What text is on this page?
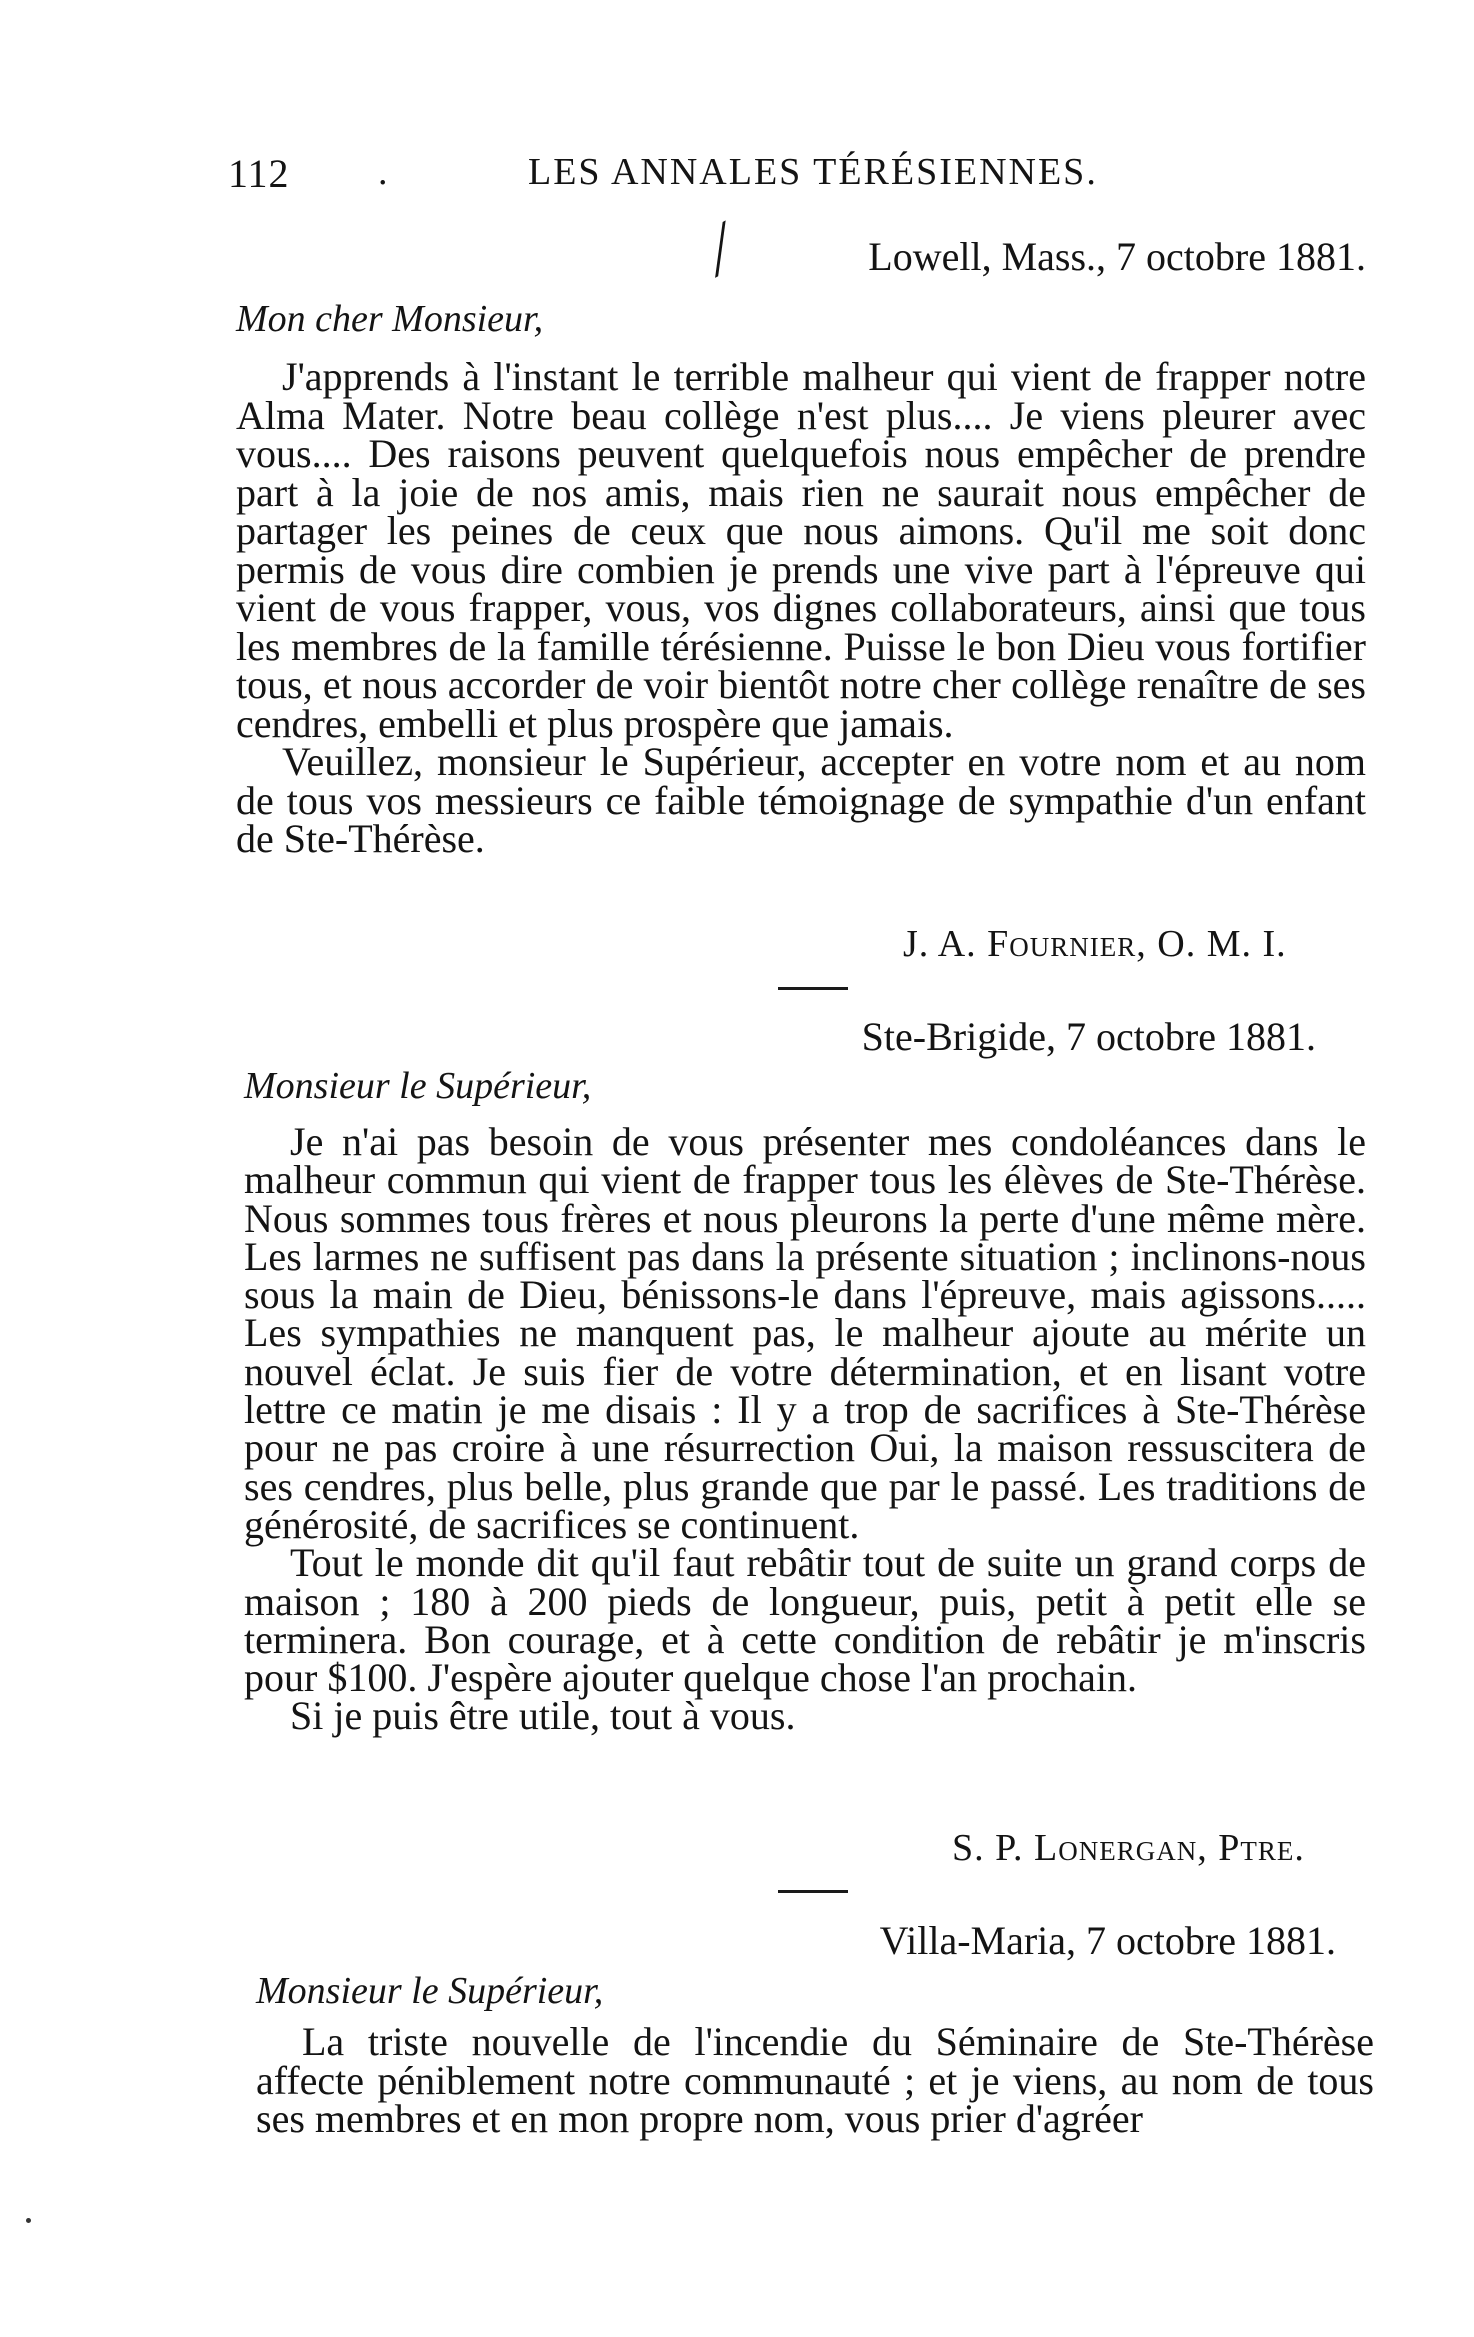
112 .	LES ANNALES TÉRÉSIENNES.
∕	Lowell, Mass., 7 octobre 1881.
Mon cher Monsieur,

J'apprends à l'instant le terrible malheur qui vient de frapper notre Alma Mater. Notre beau collège n'est plus.... Je viens pleurer avec vous.... Des raisons peuvent quelquefois nous empêcher de prendre part à la joie de nos amis, mais rien ne saurait nous empêcher de partager les peines de ceux que nous aimons. Qu'il me soit donc permis de vous dire combien je prends une vive part à l'épreuve qui vient de vous frapper, vous, vos dignes collaborateurs, ainsi que tous les membres de la famille térésienne. Puisse le bon Dieu vous fortifier tous, et nous accorder de voir bientôt notre cher collège renaître de ses cendres, embelli et plus prospère que jamais.

Veuillez, monsieur le Supérieur, accepter en votre nom et au nom de tous vos messieurs ce faible témoignage de sympathie d'un enfant de Ste-Thérèse.

J. A. Fournier, O. M. I.
Ste-Brigide, 7 octobre 1881.
Monsieur le Supérieur,

Je n'ai pas besoin de vous présenter mes condoléances dans le malheur commun qui vient de frapper tous les élèves de Ste-Thérèse. Nous sommes tous frères et nous pleurons la perte d'une même mère. Les larmes ne suffisent pas dans la présente situation ; inclinons-nous sous la main de Dieu, bénissons-le dans l'épreuve, mais agissons..... Les sympathies ne manquent pas, le malheur ajoute au mérite un nouvel éclat. Je suis fier de votre détermination, et en lisant votre lettre ce matin je me disais : Il y a trop de sacrifices à Ste-Thérèse pour ne pas croire à une résurrection Oui, la maison ressuscitera de ses cendres, plus belle, plus grande que par le passé. Les traditions de générosité, de sacrifices se continuent.

Tout le monde dit qu'il faut rebâtir tout de suite un grand corps de maison ; 180 à 200 pieds de longueur, puis, petit à petit elle se terminera. Bon courage, et à cette condition de rebâtir je m'inscris pour $100. J'espère ajouter quelque chose l'an prochain.

Si je puis être utile, tout à vous.

S. P. Lonergan, Ptre.
Villa-Maria, 7 octobre 1881.
Monsieur le Supérieur,

La triste nouvelle de l'incendie du Séminaire de Ste-Thérèse affecte péniblement notre communauté ; et je viens, au nom de tous ses membres et en mon propre nom, vous prier d'agréer
